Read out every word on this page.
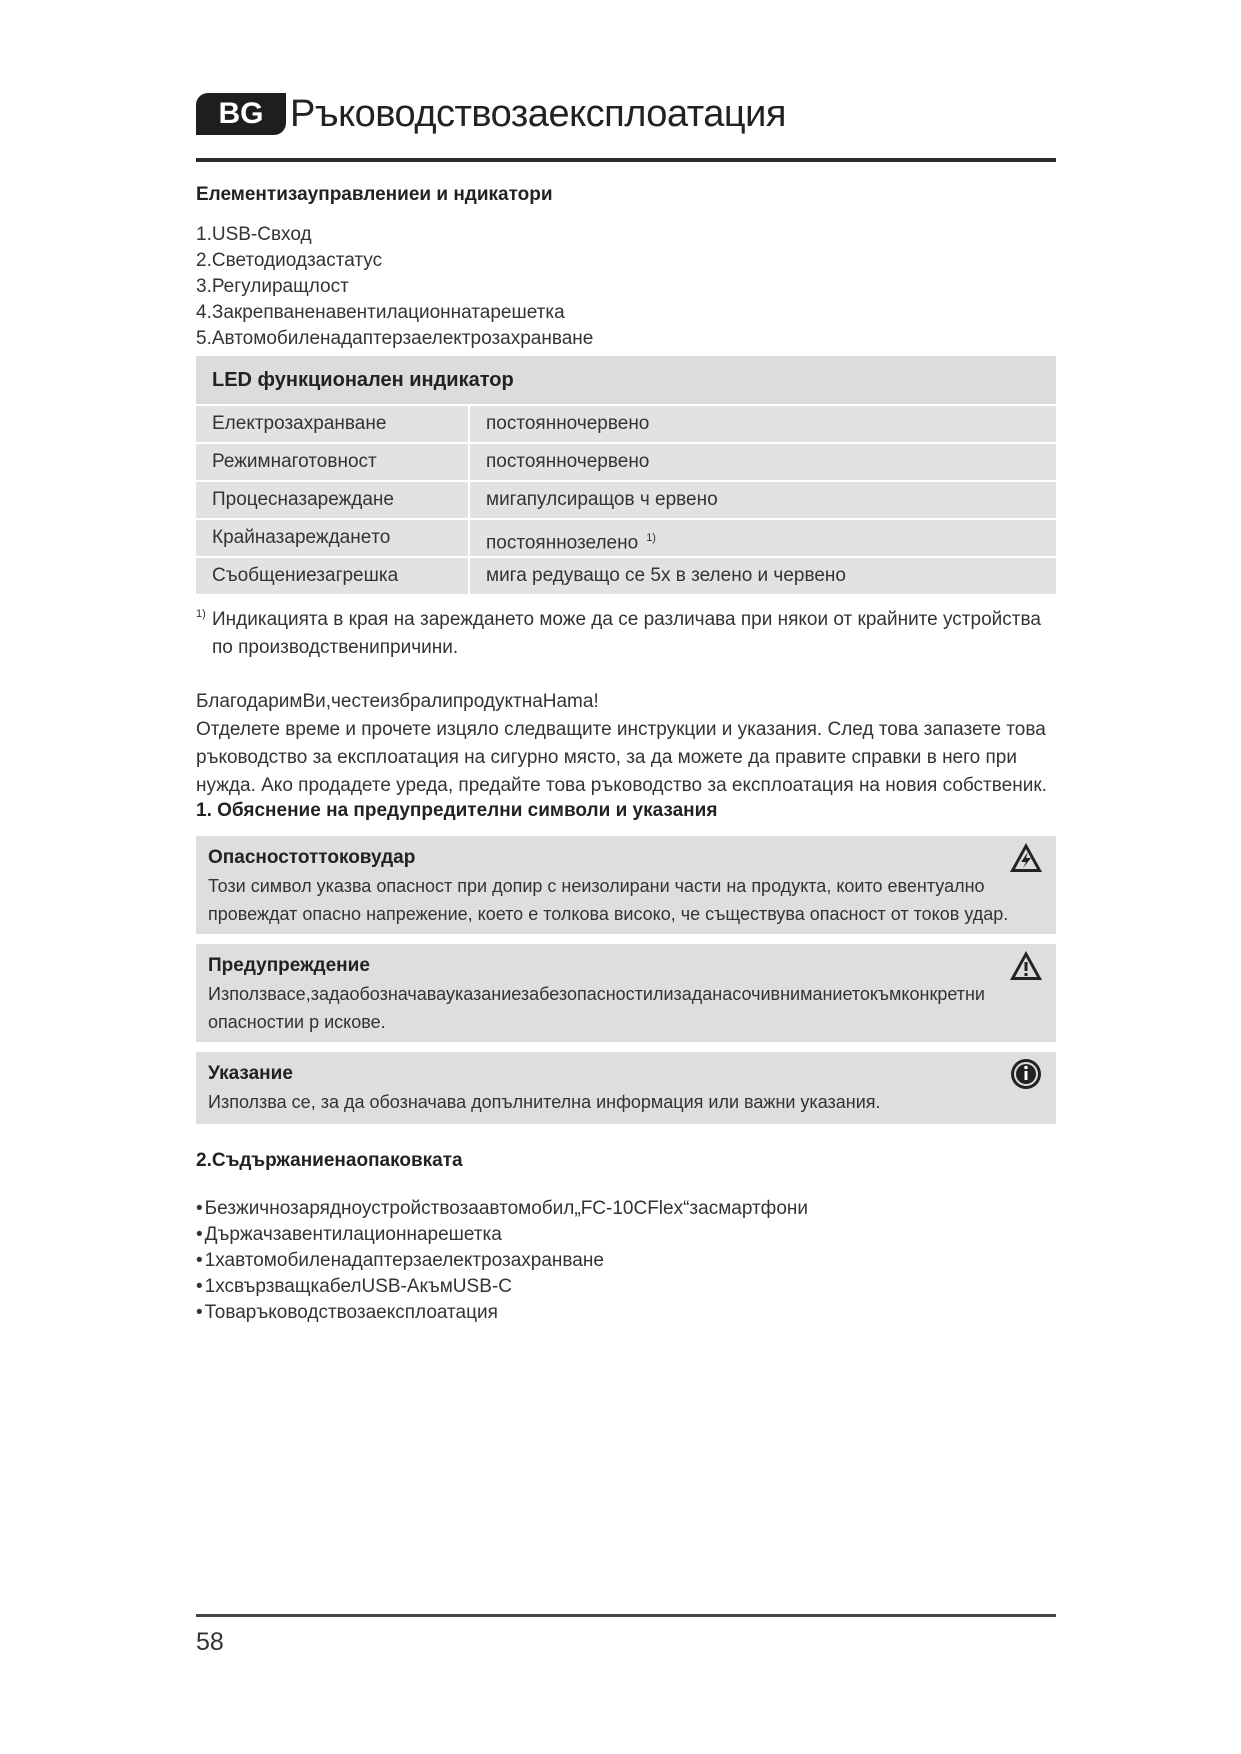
BG Ръководствозаексплоатация
Елементизауправлениеи и ндикатори
1.USB-Свход
2.Светодиодзастатус
3.Регулиращлост
4.Закрепваненавентилационнатарешетка
5.Автомобиленадаптерзаелектрозахранване
LED функционален индикатор
Електрозахранване	постоянночервено
Режимнаготовност	постоянночервено
Процесназареждане	мигапулсиращов ч ервено
Крайназарежданeто	постояннозелено $^{1)}$
Съобщениезагрешка	мига редуващо се 5х в зелено и червено
1) Индикацията в края на зареждането може да се различава при някои от крайните устройства по производственипричини.
БлагодаримВи,честеизбралипродуктнаHama!
Отделете време и прочете изцяло следващите инструкции и указания. След това запазете това ръководство за експлоатация на сигурно място, за да можете да правите справки в него при нужда. Ако продадете уреда, предайте това ръководство за експлоатация на новия собственик.
1. Обяснение на предупредителни символи и указания
Опасностоттоковудар
Този символ указва опасност при допир с неизолирани части на продукта, които евентуално провеждат опасно напрежение, което е толкова високо, че съществува опасност от токов удар.
Предупреждение
Използвасе,задаобозначавауказаниезабезопасностилизаданасочивниманиетокъмконкретни опасностии р искове.
Указание
Използва се, за да обозначава допълнителна информация или важни указания.
2.Съдържаниенаопаковката
• Безжичнозарядноустройствозаавтомобил„FC-10CFlex“засмартфони
• Държачзавентилационнарешетка
• 1хавтомобиленадаптерзаелектрозахранване
• 1хсвързващкабелUSB-АкъмUSB-C
• Товаръководствозаексплоатация
58
